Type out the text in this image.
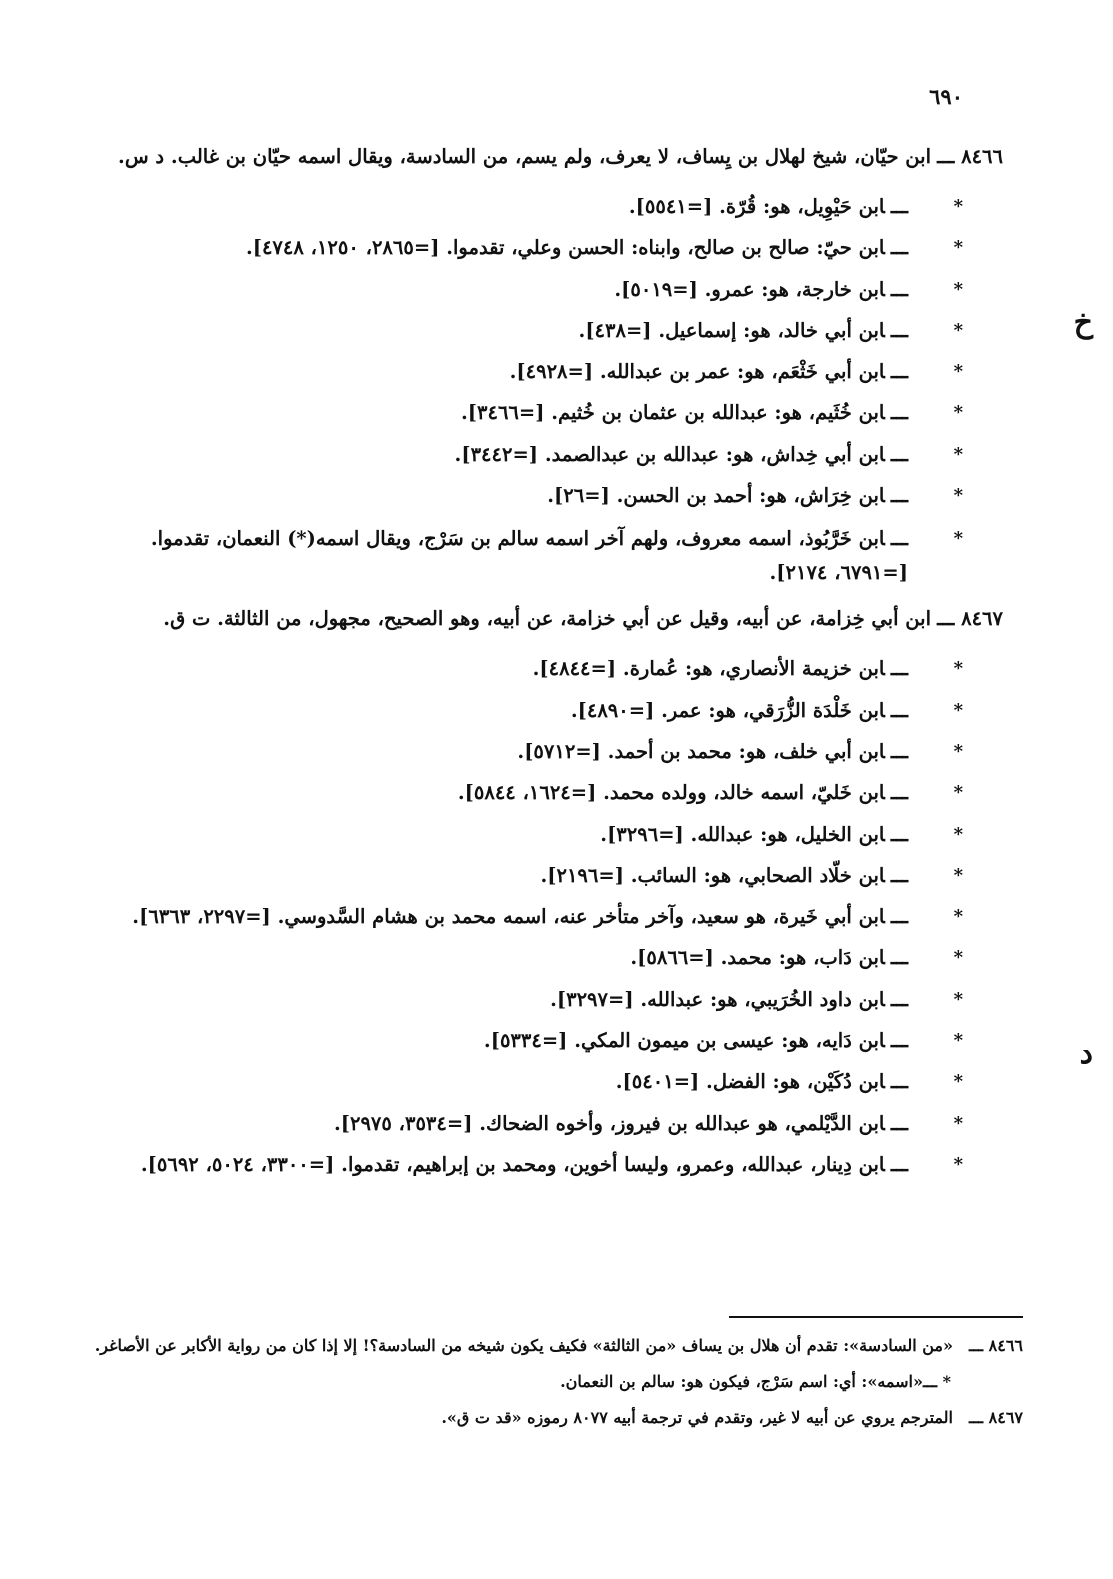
٦٩٠
خ
د
٨٤٦٦ ـــ
ابن حيّان، شيخ لهلال بن يِساف، لا يعرف، ولم يسم، من السادسة، ويقال اسمه حيّان بن غالب. د س.
*
ـــابن حَيْوِيل، هو: قُرّة. [=٥٥٤١].
*
ـــابن حيّ: صالح بن صالح، وابناه: الحسن وعلي، تقدموا. [=٢٨٦٥، ١٢٥٠، ٤٧٤٨].
*
ـــابن خارجة، هو: عمرو. [=٥٠١٩].
*
ـــابن أبي خالد، هو: إسماعيل. [=٤٣٨].
*
ـــابن أبي خَثْعَم، هو: عمر بن عبدالله. [=٤٩٢٨].
*
ـــابن خُثَيم، هو: عبدالله بن عثمان بن خُثيم. [=٣٤٦٦].
*
ـــابن أبي خِداش، هو: عبدالله بن عبدالصمد. [=٣٤٤٢].
*
ـــابن خِرَاش، هو: أحمد بن الحسن. [=٢٦].
*
ـــابن خَرَّبُوذ، اسمه معروف، ولهم آخر اسمه سالم بن سَرْج، ويقال اسمه(*) النعمان، تقدموا. [=٦٧٩١، ٢١٧٤].
٨٤٦٧ ـــ
ابن أبي خِزامة، عن أبيه، وقيل عن أبي خزامة، عن أبيه، وهو الصحيح، مجهول، من الثالثة. ت ق.
*
ـــابن خزيمة الأنصاري، هو: عُمارة. [=٤٨٤٤].
*
ـــابن خَلْدَة الزُّرَقي، هو: عمر. [=٤٨٩٠].
*
ـــابن أبي خلف، هو: محمد بن أحمد. [=٥٧١٢].
*
ـــابن خَليّ، اسمه خالد، وولده محمد. [=١٦٢٤، ٥٨٤٤].
*
ـــابن الخليل، هو: عبدالله. [=٣٢٩٦].
*
ـــابن خلّاد الصحابي، هو: السائب. [=٢١٩٦].
*
ـــابن أبي خَيرة، هو سعيد، وآخر متأخر عنه، اسمه محمد بن هشام السَّدوسي. [=٢٢٩٧، ٦٣٦٣].
*
ـــابن دَاب، هو: محمد. [=٥٨٦٦].
*
ـــابن داود الخُرَيبي، هو: عبدالله. [=٣٢٩٧].
*
ـــابن دَايه، هو: عيسى بن ميمون المكي. [=٥٣٣٤].
*
ـــابن دُكَيْن، هو: الفضل. [=٥٤٠١].
*
ـــابن الدَّيْلمي، هو عبدالله بن فيروز، وأخوه الضحاك. [=٣٥٣٤، ٢٩٧٥].
*
ـــابن دِينار، عبدالله، وعمرو، وليسا أخوين، ومحمد بن إبراهيم، تقدموا. [=٣٣٠٠، ٥٠٢٤، ٥٦٩٢].
٨٤٦٦ ـــ
«من السادسة»: تقدم أن هلال بن يساف «من الثالثة» فكيف يكون شيخه من السادسة؟! إلا إذا كان من رواية الأكابر عن الأصاغر.
* ـــ
«اسمه»: أي: اسم سَرْج، فيكون هو: سالم بن النعمان.
٨٤٦٧ ـــ
المترجم يروي عن أبيه لا غير، وتقدم في ترجمة أبيه ٨٠٧٧ رموزه «قد ت ق».
